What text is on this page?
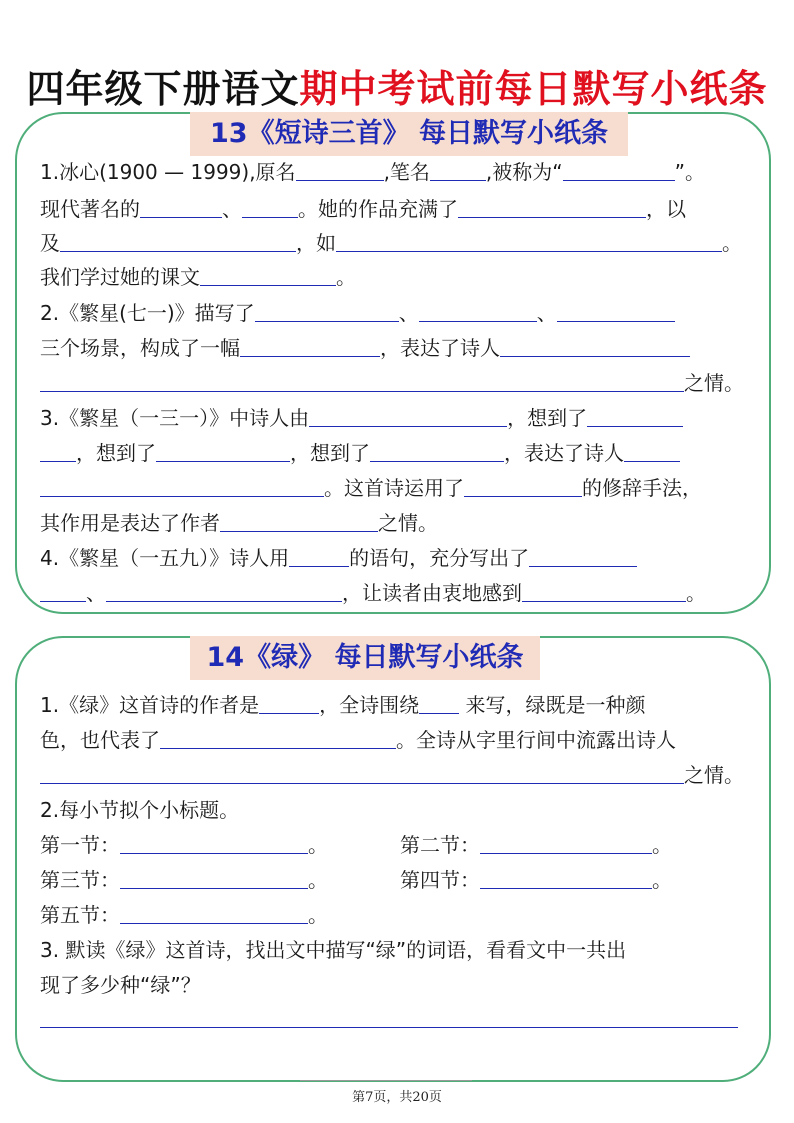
四年级下册语文期中考试前每日默写小纸条
13《短诗三首》 每日默写小纸条
1.冰心(1900 — 1999),原名	,笔名	,被称为“	”。
现代著名的	、	。她的作品充满了	，以
及	，如	。
我们学过她的课文	。
2.《繁星(七一)》描写了	、	、
三个场景，构成了一幅	，表达了诗人
之情。
3.《繁星（一三一）》中诗人由	，想到了
，想到了	，想到了	，表达了诗人
。这首诗运用了	的修辞手法，
其作用是表达了作者	之情。
4.《繁星（一五九）》诗人用	的语句，充分写出了
、	，让读者由衷地感到	。
14《绿》 每日默写小纸条
1.《绿》这首诗的作者是	，全诗围绕 来写，绿既是一种颜
色，也代表了	。全诗从字里行间中流露出诗人
之情。
2.每小节拟个小标题。
第一节：	。	第二节：	。
第三节：	。	第四节：	。
第五节：	。
3. 默读《绿》这首诗，找出文中描写“绿”的词语，看看文中一共出
现了多少种“绿”？
第7页，共20页
